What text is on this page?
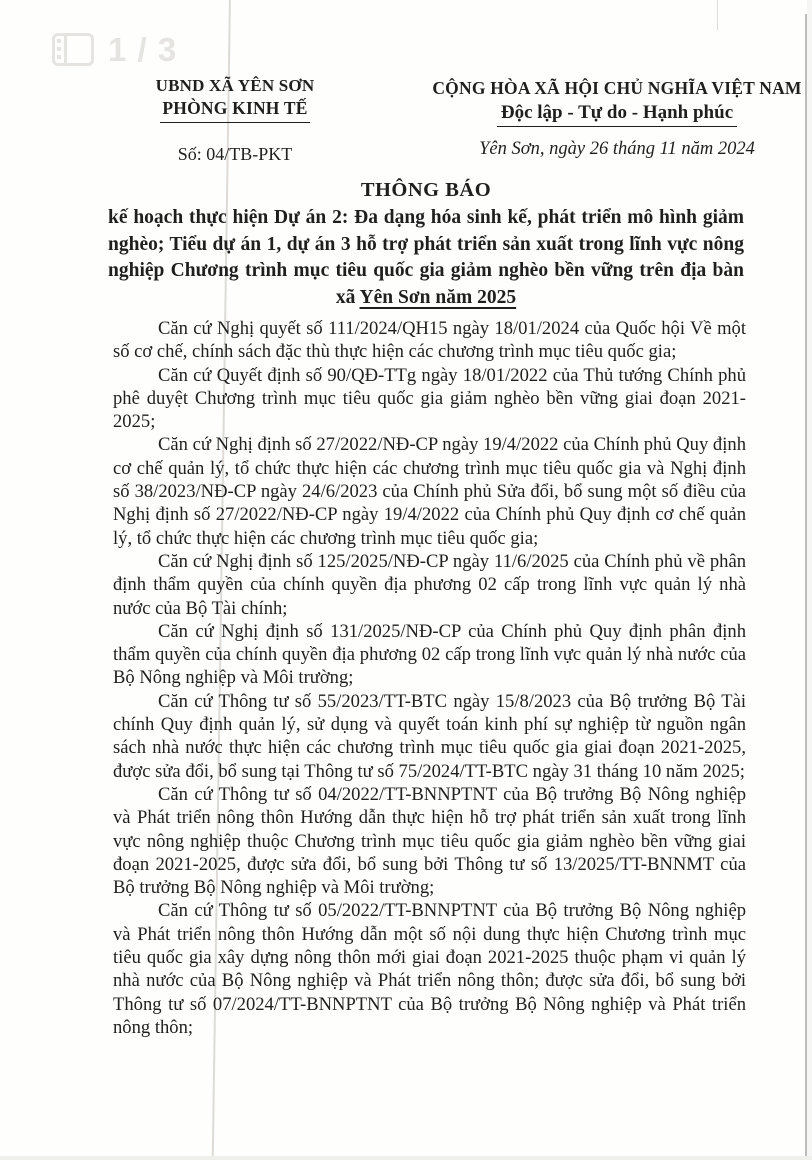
1 / 3
UBND XÃ YÊN SƠN
PHÒNG KINH TẾ
Số: 04/TB-PKT
CỘNG HÒA XÃ HỘI CHỦ NGHĨA VIỆT NAM
Độc lập - Tự do - Hạnh phúc
Yên Sơn, ngày 26 tháng 11 năm 2024
THÔNG BÁO
kế hoạch thực hiện Dự án 2: Đa dạng hóa sinh kế, phát triển mô hình giảm nghèo; Tiểu dự án 1, dự án 3 hỗ trợ phát triển sản xuất trong lĩnh vực nông nghiệp Chương trình mục tiêu quốc gia giảm nghèo bền vững trên địa bàn xã Yên Sơn năm 2025

Căn cứ Nghị quyết số 111/2024/QH15 ngày 18/01/2024 của Quốc hội Về một số cơ chế, chính sách đặc thù thực hiện các chương trình mục tiêu quốc gia;

Căn cứ Quyết định số 90/QĐ-TTg ngày 18/01/2022 của Thủ tướng Chính phủ phê duyệt Chương trình mục tiêu quốc gia giảm nghèo bền vững giai đoạn 2021-2025;

Căn cứ Nghị định số 27/2022/NĐ-CP ngày 19/4/2022 của Chính phủ Quy định cơ chế quản lý, tổ chức thực hiện các chương trình mục tiêu quốc gia và Nghị định số 38/2023/NĐ-CP ngày 24/6/2023 của Chính phủ Sửa đổi, bổ sung một số điều của Nghị định số 27/2022/NĐ-CP ngày 19/4/2022 của Chính phủ Quy định cơ chế quản lý, tổ chức thực hiện các chương trình mục tiêu quốc gia;

Căn cứ Nghị định số 125/2025/NĐ-CP ngày 11/6/2025 của Chính phủ về phân định thẩm quyền của chính quyền địa phương 02 cấp trong lĩnh vực quản lý nhà nước của Bộ Tài chính;

Căn cứ Nghị định số 131/2025/NĐ-CP của Chính phủ Quy định phân định thẩm quyền của chính quyền địa phương 02 cấp trong lĩnh vực quản lý nhà nước của Bộ Nông nghiệp và Môi trường;

Căn cứ Thông tư số 55/2023/TT-BTC ngày 15/8/2023 của Bộ trưởng Bộ Tài chính Quy định quản lý, sử dụng và quyết toán kinh phí sự nghiệp từ nguồn ngân sách nhà nước thực hiện các chương trình mục tiêu quốc gia giai đoạn 2021-2025, được sửa đổi, bổ sung tại Thông tư số 75/2024/TT-BTC ngày 31 tháng 10 năm 2025;

Căn cứ Thông tư số 04/2022/TT-BNNPTNT của Bộ trưởng Bộ Nông nghiệp và Phát triển nông thôn Hướng dẫn thực hiện hỗ trợ phát triển sản xuất trong lĩnh vực nông nghiệp thuộc Chương trình mục tiêu quốc gia giảm nghèo bền vững giai đoạn 2021-2025, được sửa đổi, bổ sung bởi Thông tư số 13/2025/TT-BNNMT của Bộ trưởng Bộ Nông nghiệp và Môi trường;

Căn cứ Thông tư số 05/2022/TT-BNNPTNT của Bộ trưởng Bộ Nông nghiệp và Phát triển nông thôn Hướng dẫn một số nội dung thực hiện Chương trình mục tiêu quốc gia xây dựng nông thôn mới giai đoạn 2021-2025 thuộc phạm vi quản lý nhà nước của Bộ Nông nghiệp và Phát triển nông thôn; được sửa đổi, bổ sung bởi Thông tư số 07/2024/TT-BNNPTNT của Bộ trưởng Bộ Nông nghiệp và Phát triển nông thôn;
